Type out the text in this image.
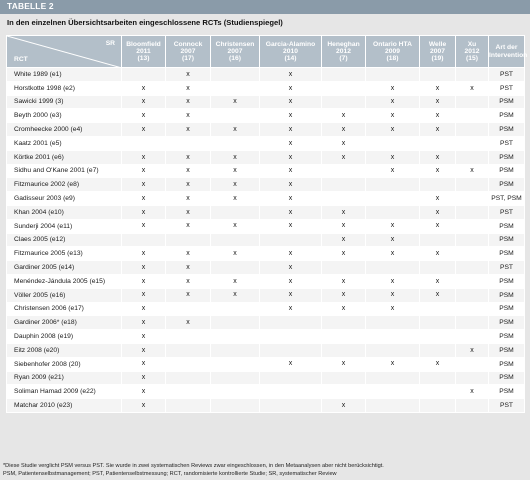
TABELLE 2
In den einzelnen Übersichtsarbeiten eingeschlossene RCTs (Studienspiegel)
SR
RCT	Bloomfield
2011
(13)	Connock
2007
(17)	Christensen
2007
(16)	Garcia-Alamino
2010
(14)	Heneghan
2012
(7)	Ontario HTA
2009
(18)	Welle
2007
(19)	Xu
2012
(15)	Art der
Intervention
White 1989 (e1)		x		x					PST
Horstkotte 1998 (e2)	x	x		x		x	x	x	PST
Sawicki 1999 (3)	x	x	x	x		x	x		PSM
Beyth 2000 (e3)	x	x		x	x	x	x		PSM
Cromheecke 2000 (e4)	x	x	x	x	x	x	x		PSM
Kaatz 2001 (e5)				x	x				PST
Körtke 2001 (e6)	x	x	x	x	x	x	x		PSM
Sidhu and O'Kane 2001 (e7)	x	x	x	x		x	x	x	PSM
Fitzmaurice 2002 (e8)	x	x	x	x					PSM
Gadisseur 2003 (e9)	x	x	x	x			x		PST, PSM
Khan 2004 (e10)	x	x		x	x		x		PST
Sunderji 2004 (e11)	x	x	x	x	x	x	x		PSM
Claes 2005 (e12)					x	x			PSM
Fitzmaurice 2005 (e13)	x	x	x	x	x	x	x		PSM
Gardiner 2005 (e14)	x	x		x					PST
Menéndez-Jándula 2005 (e15)	x	x	x	x	x	x	x		PSM
Völler 2005 (e16)	x	x	x	x	x	x	x		PSM
Christensen 2006 (e17)	x			x	x	x			PSM
Gardiner 2006* (e18)	x	x							PSM
Dauphin 2008 (e19)	x								PSM
Eitz 2008 (e20)	x							x	PSM
Siebenhofer 2008 (20)	x			x	x	x	x		PSM
Ryan 2009 (e21)	x								PSM
Soliman Hamad 2009 (e22)	x							x	PSM
Matchar 2010 (e23)	x				x				PST
*Diese Studie verglicht PSM versus PST. Sie wurde in zwei systematischen Reviews zwar eingeschlossen, in den Metaanalysen aber nicht berücksichtigt.
PSM, Patientenselbstmanagement; PST, Patientenselbstmessung; RCT, randomisierte kontrollierte Studie; SR, systematischer Review
